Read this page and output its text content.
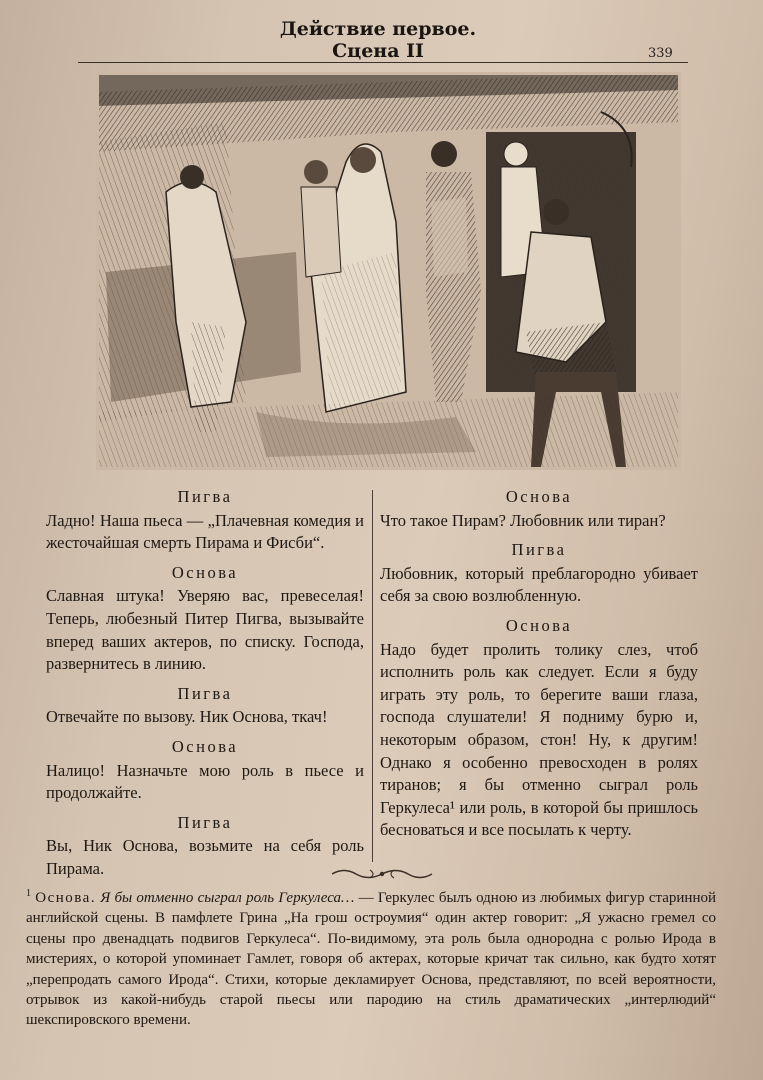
Действие первое. Сцена II	339
Пигва
Ладно! Наша пьеса — „Плачевная комедия и жесточайшая смерть Пирама и Фисби“.
Основа
Славная штука! Уверяю вас, превеселая! Теперь, любезный Питер Пигва, вызывайте вперед ваших актеров, по списку. Господа, развернитесь в линию.
Пигва
Отвечайте по вызову. Ник Основа, ткач!
Основа
Налицо! Назначьте мою роль в пьесе и продолжайте.
Пигва
Вы, Ник Основа, возьмите на себя роль Пирама.
Основа
Что такое Пирам? Любовник или тиран?
Пигва
Любовник, который преблагородно убивает себя за свою возлюбленную.
Основа
Надо будет пролить толику слез, чтоб исполнить роль как следует. Если я буду играть эту роль, то берегите ваши глаза, господа слушатели! Я подниму бурю и, некоторым образом, стон! Ну, к другим! Однако я особенно превосходен в ролях тиранов; я бы отменно сыграл роль Геркулеса¹ или роль, в которой бы пришлось бесноваться и все посылать к черту.
$^1$ Основа. Я бы отменно сыграл роль Геркулеса… — Геркулес былъ одною из любимых фигур старинной английской сцены. В памфлете Грина „На грош остроумия“ один актер говорит: „Я ужасно гремел со сцены про двенадцать подвигов Геркулеса“. По-видимому, эта роль была однородна с ролью Ирода в мистериях, о которой упоминает Гамлет, говоря об актерах, которые кричат так сильно, как будто хотят „перепродать самого Ирода“. Стихи, которые декламирует Основа, представляют, по всей вероятности, отрывок из какой-нибудь старой пьесы или пародию на стиль драматических „интерлюдий“ шекспировского времени.
